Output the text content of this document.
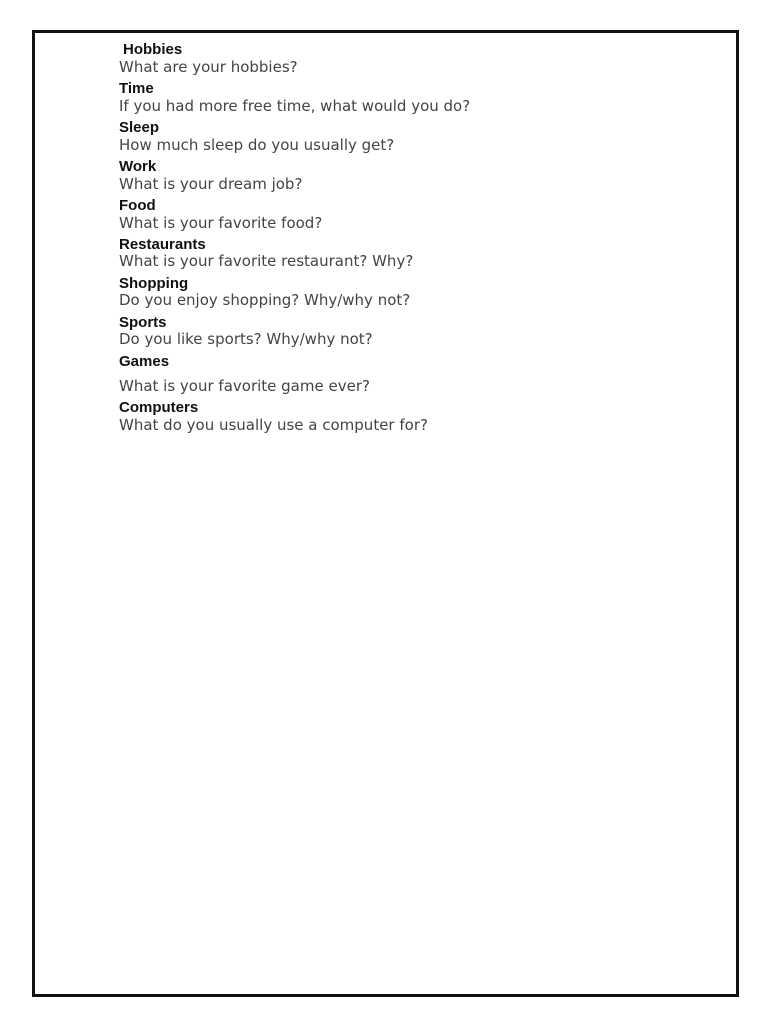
Hobbies
What are your hobbies?
Time
If you had more free time, what would you do?
Sleep
How much sleep do you usually get?
Work
What is your dream job?
Food
What is your favorite food?
Restaurants
What is your favorite restaurant? Why?
Shopping
Do you enjoy shopping? Why/why not?
Sports
Do you like sports? Why/why not?
Games
What is your favorite game ever?
Computers
What do you usually use a computer for?
